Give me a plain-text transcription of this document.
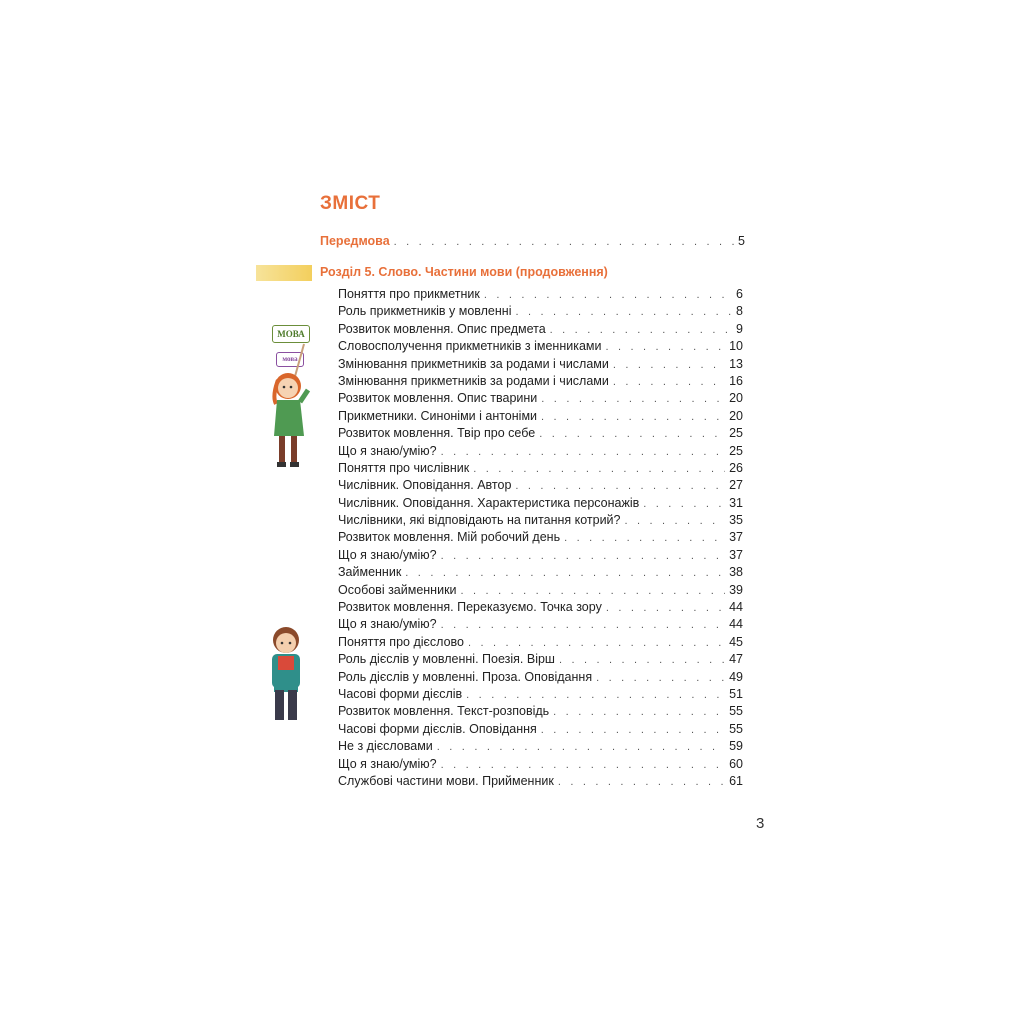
ЗМІСТ
Передмова . . .	5
Розділ 5. Слово. Частини мови (продовження)
Поняття про прикметник . . .	6
Роль прикметників у мовленні . . .	8
Розвиток мовлення. Опис предмета . . .	9
Словосполучення прикметників з іменниками . . .	10
Змінювання прикметників за родами і числами . . .	13
Змінювання прикметників за родами і числами . . .	16
Розвиток мовлення. Опис тварини . . .	20
Прикметники. Синоніми і антоніми . . .	20
Розвиток мовлення. Твір про себе . . .	25
Що я знаю/умію? . . .	25
Поняття про числівник . . .	26
Числівник. Оповідання. Автор . . .	27
Числівник. Оповідання. Характеристика персонажів . . .	31
Числівники, які відповідають на питання котрий? . . .	35
Розвиток мовлення. Мій робочий день . . .	37
Що я знаю/умію? . . .	37
Займенник . . .	38
Особові займенники . . .	39
Розвиток мовлення. Переказуємо. Точка зору . . .	44
Що я знаю/умію? . . .	44
Поняття про дієслово . . .	45
Роль дієслів у мовленні. Поезія. Вірш . . .	47
Роль дієслів у мовленні. Проза. Оповідання . . .	49
Часові форми дієслів . . .	51
Розвиток мовлення. Текст-розповідь . . .	55
Часові форми дієслів. Оповідання . . .	55
Не з дієсловами . . .	59
Що я знаю/умію? . . .	60
Службові частини мови. Прийменник . . .	61
МОВА
мова
3
